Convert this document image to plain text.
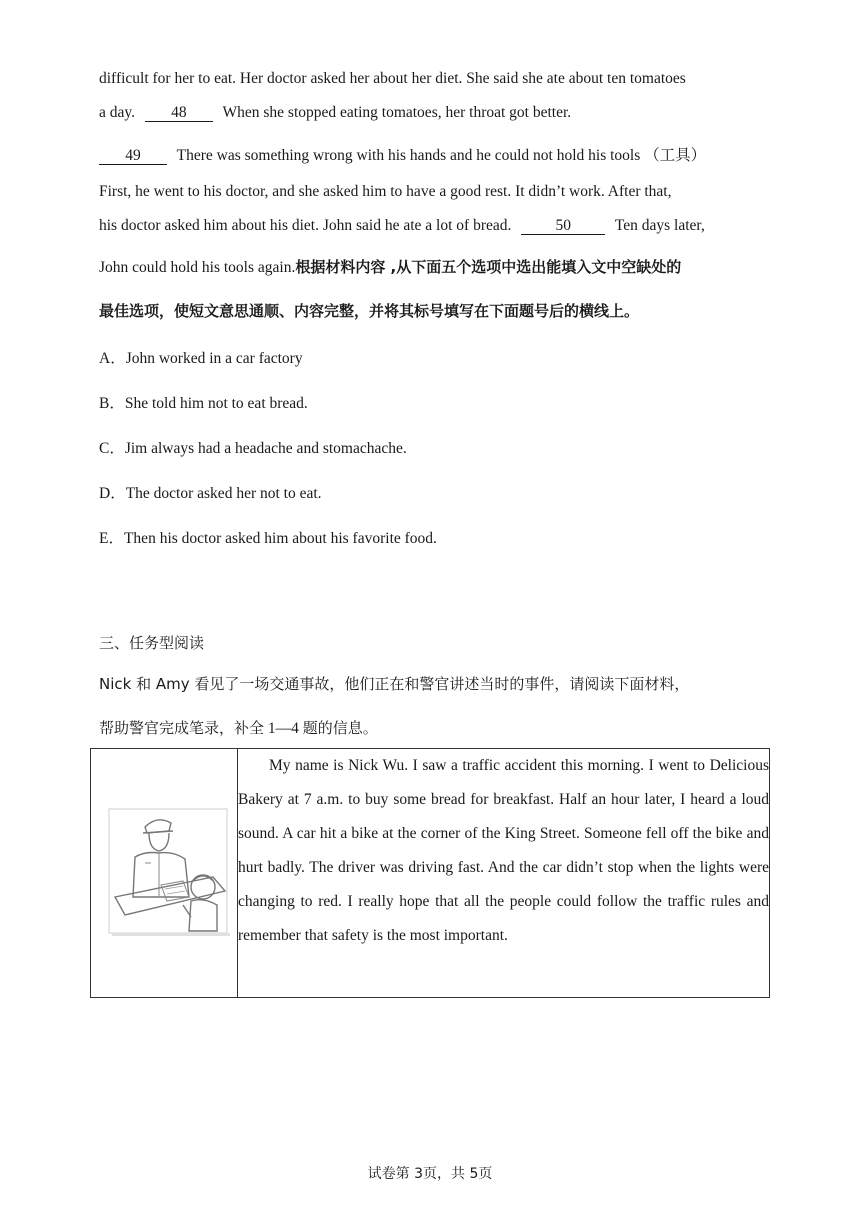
difficult for her to eat. Her doctor asked her about her diet. She said she ate about ten tomatoes
a day. 48 When she stopped eating tomatoes, her throat got better.
49 There was something wrong with his hands and he could not hold his tools （工具）
First, he went to his doctor, and she asked him to have a good rest. It didn’t work. After that,
his doctor asked him about his diet. John said he ate a lot of bread.	50	Ten days later,
John could hold his tools again.根据材料内容 ,从下面五个选项中选出能填入文中空缺处的
最佳选项，使短文意思通顺、内容完整，并将其标号填写在下面题号后的横线上。
A．John worked in a car factory
B．She told him not to eat bread.
C．Jim always had a headache and stomachache.
D．The doctor asked her not to eat.
E．Then his doctor asked him about his favorite food.
三、任务型阅读
Nick 和 Amy 看见了一场交通事故，他们正在和警官讲述当时的事件，请阅读下面材料，
帮助警官完成笔录，补全 1—4 题的信息。

My name is Nick Wu. I saw a traffic accident this morning. I went to Delicious Bakery at 7 a.m. to buy some bread for breakfast. Half an hour later, I heard a loud sound. A car hit a bike at the corner of the King Street. Someone fell off the bike and hurt badly. The driver was driving fast. And the car didn’t stop when the lights were changing to red. I really hope that all the people could follow the traffic rules and remember that safety is the most important.

试卷第 3页，共 5页
